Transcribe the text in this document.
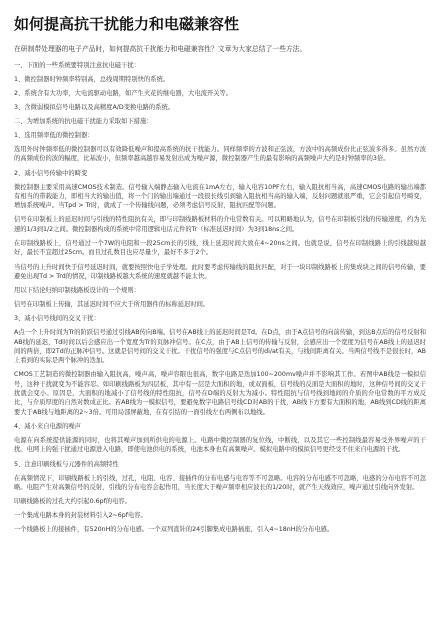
如何提高抗干扰能力和电磁兼容性

在研制带处理器的电子产品时，如何提高抗干扰能力和电磁兼容性？文章为大家总结了一些方法。

一、下面的一些系统要特别注意抗电磁干扰：

1、微控制器时钟频率特别高，总线周期特别快的系统。

2、系统含有大功率，大电流驱动电路，如产生火花的继电器，大电流开关等。

3、含微弱模拟信号电路以及高精度A/D变换电路的系统。

二、为增加系统的抗电磁干扰能力采取如下措施：

1、选用频率低的微控制器：

选用外时钟频率低的微控制器可以有效降低噪声和提高系统的抗干扰能力。同样频率的方波和正弦波，方波中的高频成份比正弦波多得多。虽然方波的高频成份的波的幅度，比基波小，但频率越高越容易发射出成为噪声源，微控制器产生的最有影响的高频噪声大约是时钟频率的3倍。

2、减小信号传输中的畸变

微控制器主要采用高速CMOS技术制造。信号输入端静态输入电流在1mA左右，输入电容10PF左右，输入阻抗相当高，高速CMOS电路的输出端都有相当的带载能力，即相当大的输出值，将一个门的输出端通过一段很长线引到输入阻抗相当高的输入端，反射问题就很严重，它会引起信号畸变，增加系统噪声。当Tpd > Tr时，就成了一个传输线问题，必须考虑信号反射，阻抗匹配等问题。

信号在印制板上的延迟时间与引线的特性阻抗有关，即与印制线路板材料的介电常数有关。可以粗略地认为，信号在印制板引线的传输速度，约为光速的1/3到1/2之间。微控制器构成的系统中常用逻辑电话元件的Tr（标准延迟时间）为3到18ns之间。

在印制线路板上，信号通过一个7W的电阻和一段25cm长的引线，线上延迟时间大致在4~20ns之间。也就是说，信号在印制线路上的引线越短越好，最长不宜超过25cm。而且过孔数目也应尽量少，最好不多于2个。

当信号的上升时间快于信号延迟时间，就要按照快电子学处理。此时要考虑传输线的阻抗匹配，对于一块印制线路板上的集成块之间的信号传输，要避免出现Td > Trd的情况，印制线路板越大系统的速度就越不能太快。

用以下结论归纳印制线路板设计的一个规则：

信号在印制板上传输，其延迟时间不应大于所用器件的标称延迟时间。

3、减小信号线间的交叉干扰：

A点一个上升时间为Tr的阶跃信号通过引线AB传向B端。信号在AB线上的延迟时间是Td。在D点，由于A点信号的向前传输，到达B点后的信号反射和AB线的延迟，Td时间以后会感应出一个宽度为Tr的页脉冲信号。在C点，由于AB上信号的传输与反射，会感应出一个宽度为信号在AB线上的延迟时间的两倍，即2Td的正脉冲信号。这就是信号间的交叉干扰。干扰信号的强度与C点信号的di/at有关，与线间距离有关。当两信号线不是很长时，AB上看到的实际是两个脉冲的迭加。

CMOS工艺制造的微控制器由输入阻抗高，噪声高，噪声容限也很高，数字电路是迭加100~200mv噪声并不影响其工作。若图中AB线是一模拟信号，这种干扰就变为不能容忍。如印刷线路板为四层板，其中有一层是大面积的地，或双面板，信号线的反面是大面积的地时，这种信号间的交叉干扰就会变小。原因是，大面积的地减小了信号线的特性阻抗，信号在D端的反射大为减小。特性阻抗与信号线到地间的介质的介电常数的平方成反比，与介质厚度的自然对数成正比。若AB线为一模拟信号，要避免数字电路信号线CD对AB的干扰，AB线下方要有大面积的地，AB线到CD线的距离要大于AB线与地距离的2~3倍。可用局部屏蔽地，在有引结的一面引线左右两侧布以地线。

4、减小来自电源的噪声

电源在向系统提供能源的同时，也将其噪声加到所供电的电源上。电路中微控制器的复位线，中断线，以及其它一些控制线最容易受外界噪声的干扰。电网上的强干扰通过电源进入电路，即使电池供电的系统，电池本身也有高频噪声。模拟电路中的模拟信号更经受不住来自电源的干扰。

5、注意印刷线板与元器件的高频特性

在高频情况下，印刷线路板上的引线，过孔，电阻、电容、接插件的分布电感与电容等不可忽略。电容的分布电感不可忽略，电感的分布电容不可忽略。电阻产生对高频信号的反射，引线的分布电容会起作用，当长度大于噪声频率相应波长的1/20时，就产生天线效应，噪声通过引线向外发射。

印刷线路板的过孔大约引起0.6pf的电容。

一个集成电路本身的封装材料引入2~6pf电容。

一个线路板上的接插件，有520nH的分布电感。一个双列直针的24引脚集成电路插座，引入4~18nH的分布电感。
